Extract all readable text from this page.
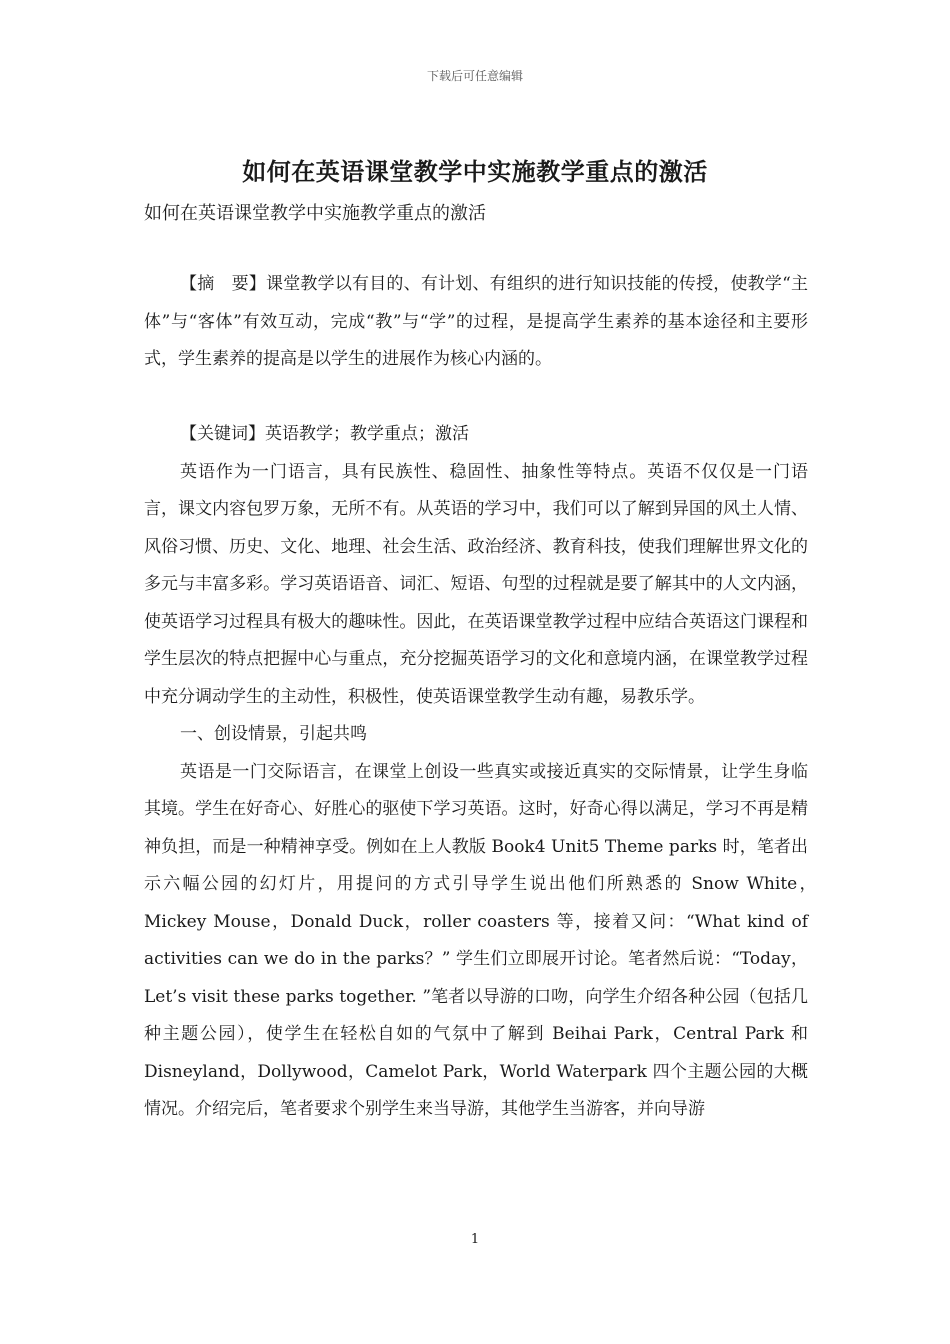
下载后可任意编辑
如何在英语课堂教学中实施教学重点的激活
如何在英语课堂教学中实施教学重点的激活

【摘　要】课堂教学以有目的、有计划、有组织的进行知识技能的传授，使教学“主体”与“客体”有效互动，完成“教”与“学”的过程，是提高学生素养的基本途径和主要形式，学生素养的提高是以学生的进展作为核心内涵的。

【关键词】英语教学；教学重点；激活

英语作为一门语言，具有民族性、稳固性、抽象性等特点。英语不仅仅是一门语言，课文内容包罗万象，无所不有。从英语的学习中，我们可以了解到异国的风土人情、风俗习惯、历史、文化、地理、社会生活、政治经济、教育科技，使我们理解世界文化的多元与丰富多彩。学习英语语音、词汇、短语、句型的过程就是要了解其中的人文内涵，使英语学习过程具有极大的趣味性。因此，在英语课堂教学过程中应结合英语这门课程和学生层次的特点把握中心与重点，充分挖掘英语学习的文化和意境内涵，在课堂教学过程中充分调动学生的主动性，积极性，使英语课堂教学生动有趣，易教乐学。

一、创设情景，引起共鸣

英语是一门交际语言，在课堂上创设一些真实或接近真实的交际情景，让学生身临其境。学生在好奇心、好胜心的驱使下学习英语。这时，好奇心得以满足，学习不再是精神负担，而是一种精神享受。例如在上人教版 Book4 Unit5 Theme parks 时，笔者出示六幅公园的幻灯片，用提问的方式引导学生说出他们所熟悉的 Snow White，　Mickey Mouse，Donald Duck，roller coasters 等，接着又问：“What kind of activities can we do in the parks？” 学生们立即展开讨论。笔者然后说：“Today，Let’s visit these parks together. ”笔者以导游的口吻，向学生介绍各种公园（包括几种主题公园），使学生在轻松自如的气氛中了解到 Beihai Park，Central Park 和 Disneyland，Dollywood，Camelot Park，World Waterpark 四个主题公园的大概情况。介绍完后，笔者要求个别学生来当导游，其他学生当游客，并向导游

1
